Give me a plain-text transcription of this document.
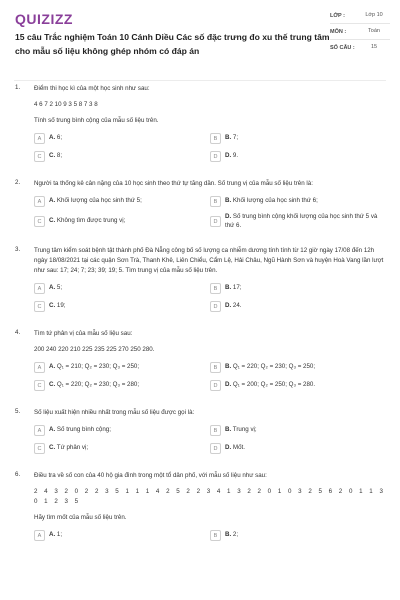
QUIZIZZ
15 câu Trắc nghiệm Toán 10 Cánh Diều Các số đặc trưng đo xu thế trung tâm cho mẫu số liệu không ghép nhóm có đáp án
LỚP :	Lớp 10
MÔN :	Toán
SỐ CÂU :	15
1. Điểm thi học kì của một học sinh như sau:
4 6 7 2 10 9 3 5 8 7 3 8
Tính số trung bình cộng của mẫu số liệu trên.
A	A. 6;	B	B. 7;
C	C. 8;	D	D. 9.
2. Người ta thống kê cân nặng của 10 học sinh theo thứ tự tăng dần. Số trung vị của mẫu số liệu trên là:
A	A. Khối lượng của học sinh thứ 5;	B	B. Khối lượng của học sinh thứ 6;
C	C. Không tìm được trung vị;	D
D. Số trung bình cộng khối lượng của học sinh thứ 5 và thứ 6.
3. Trung tâm kiểm soát bệnh tật thành phố Đà Nẵng công bố số lượng ca nhiễm dương tính tính từ 12 giờ ngày 17/08 đến 12h ngày 18/08/2021 tại các quận Sơn Trà, Thanh Khê, Liên Chiểu, Cẩm Lệ, Hải Châu, Ngũ Hành Sơn và huyện Hoà Vang lần lượt như sau: 17; 24; 7; 23; 39; 19; 5. Tìm trung vị của mẫu số liệu trên.
A	A. 5;	B	B. 17;
C	C. 19;	D	D. 24.
4. Tìm tứ phân vị của mẫu số liệu sau:
200 240 220 210 225 235 225 270 250 280.
A	A. Q₁ = 210; Q₂ = 230; Q₃ = 250;	B	B. Q₁ = 220; Q₂ = 230; Q₃ = 250;
C	C. Q₁ = 220; Q₂ = 230; Q₃ = 280;	D	D. Q₁ = 200; Q₂ = 250; Q₃ = 280.
5. Số liệu xuất hiện nhiều nhất trong mẫu số liệu được gọi là:
A	A. Số trung bình cộng;	B	B. Trung vị;
C	C. Tứ phân vị;	D	D. Mốt.
6. Điều tra về số con của 40 hộ gia đình trong một tổ dân phố, với mẫu số liệu như sau:
2 4 3 2 0 2 2 3 5 1 1 1 4 2 5 2 2 3 4 1 3 2 2 0 1 0 3 2 5 6 2 0 1 1 3 0 1 2 3 5
Hãy tìm mốt của mẫu số liệu trên.
A	A. 1;	B	B. 2;
